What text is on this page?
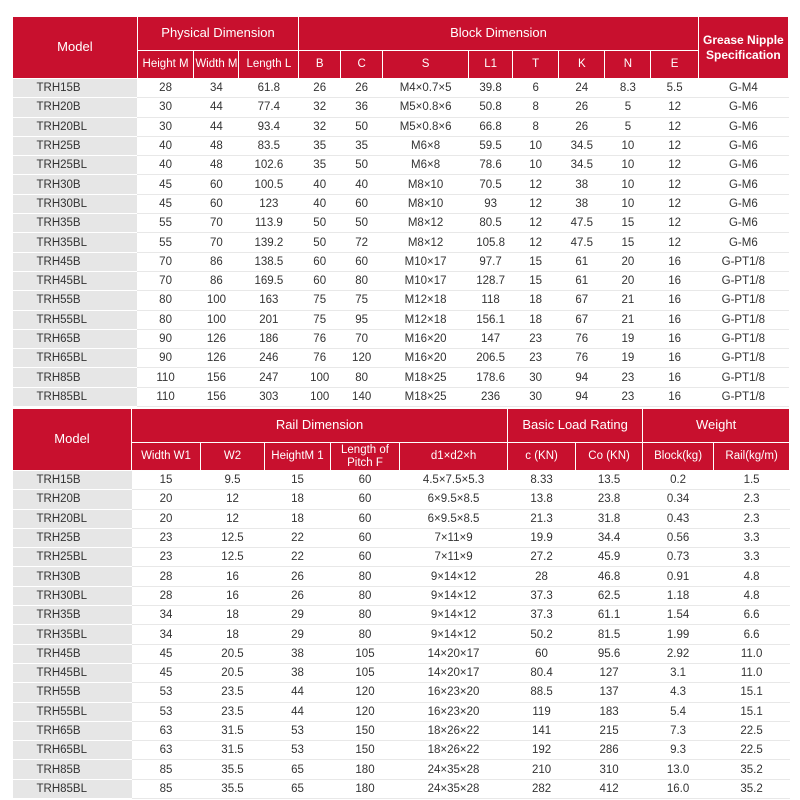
Model	Physical Dimension			Block Dimension								Grease Nipple Specification
	Height M	Width M	Length L	B	C	S	L1	T	K	N	E	
TRH15B	28	34	61.8	26	26	M4×0.7×5	39.8	6	24	8.3	5.5	G-M4
TRH20B	30	44	77.4	32	36	M5×0.8×6	50.8	8	26	5	12	G-M6
TRH20BL	30	44	93.4	32	50	M5×0.8×6	66.8	8	26	5	12	G-M6
TRH25B	40	48	83.5	35	35	M6×8	59.5	10	34.5	10	12	G-M6
TRH25BL	40	48	102.6	35	50	M6×8	78.6	10	34.5	10	12	G-M6
TRH30B	45	60	100.5	40	40	M8×10	70.5	12	38	10	12	G-M6
TRH30BL	45	60	123	40	60	M8×10	93	12	38	10	12	G-M6
TRH35B	55	70	113.9	50	50	M8×12	80.5	12	47.5	15	12	G-M6
TRH35BL	55	70	139.2	50	72	M8×12	105.8	12	47.5	15	12	G-M6
TRH45B	70	86	138.5	60	60	M10×17	97.7	15	61	20	16	G-PT1/8
TRH45BL	70	86	169.5	60	80	M10×17	128.7	15	61	20	16	G-PT1/8
TRH55B	80	100	163	75	75	M12×18	118	18	67	21	16	G-PT1/8
TRH55BL	80	100	201	75	95	M12×18	156.1	18	67	21	16	G-PT1/8
TRH65B	90	126	186	76	70	M16×20	147	23	76	19	16	G-PT1/8
TRH65BL	90	126	246	76	120	M16×20	206.5	23	76	19	16	G-PT1/8
TRH85B	110	156	247	100	80	M18×25	178.6	30	94	23	16	G-PT1/8
TRH85BL	110	156	303	100	140	M18×25	236	30	94	23	16	G-PT1/8
Model	Rail Dimension					Basic Load Rating		Weight	
	Width W1	W2	HeightM 1	Length of Pitch F	d1×d2×h	c (KN)	Co (KN)	Block(kg)	Rail(kg/m)
TRH15B	15	9.5	15	60	4.5×7.5×5.3	8.33	13.5	0.2	1.5
TRH20B	20	12	18	60	6×9.5×8.5	13.8	23.8	0.34	2.3
TRH20BL	20	12	18	60	6×9.5×8.5	21.3	31.8	0.43	2.3
TRH25B	23	12.5	22	60	7×11×9	19.9	34.4	0.56	3.3
TRH25BL	23	12.5	22	60	7×11×9	27.2	45.9	0.73	3.3
TRH30B	28	16	26	80	9×14×12	28	46.8	0.91	4.8
TRH30BL	28	16	26	80	9×14×12	37.3	62.5	1.18	4.8
TRH35B	34	18	29	80	9×14×12	37.3	61.1	1.54	6.6
TRH35BL	34	18	29	80	9×14×12	50.2	81.5	1.99	6.6
TRH45B	45	20.5	38	105	14×20×17	60	95.6	2.92	11.0
TRH45BL	45	20.5	38	105	14×20×17	80.4	127	3.1	11.0
TRH55B	53	23.5	44	120	16×23×20	88.5	137	4.3	15.1
TRH55BL	53	23.5	44	120	16×23×20	119	183	5.4	15.1
TRH65B	63	31.5	53	150	18×26×22	141	215	7.3	22.5
TRH65BL	63	31.5	53	150	18×26×22	192	286	9.3	22.5
TRH85B	85	35.5	65	180	24×35×28	210	310	13.0	35.2
TRH85BL	85	35.5	65	180	24×35×28	282	412	16.0	35.2
